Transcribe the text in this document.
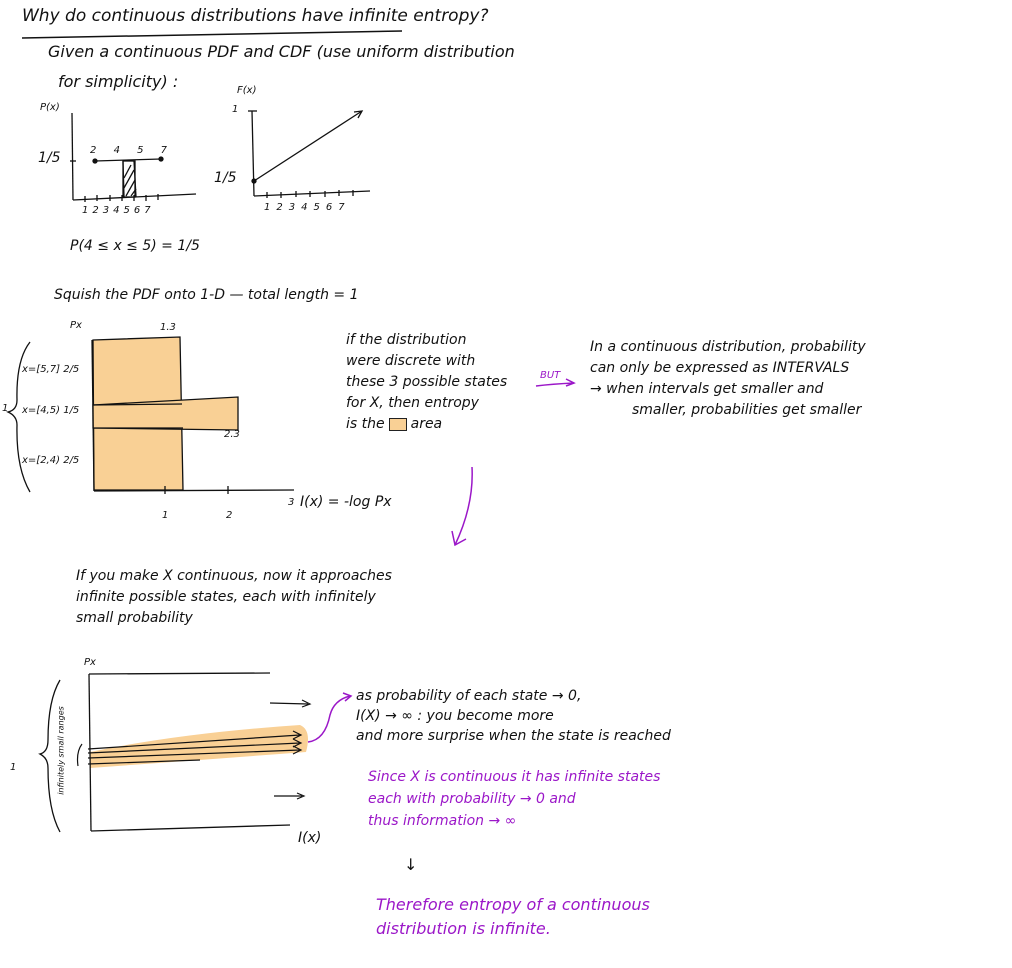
Why do continuous distributions have infinite entropy?
Given a continuous PDF and CDF (use uniform distribution
for simplicity) :
P(x)
1/5	2 4 5 7
1234567
P(4 ≤ x ≤ 5) = 1/5
F(x)
1
1/5
1234567
Squish the PDF onto 1-D — total length = 1
Px	1.3
2.3
1
x=[5,7] 2/5
x=[4,5) 1/5
x=[2,4) 2/5
1	2
3 I(x) = -log Px
if the distribution
were discrete with
these 3 possible states
for X, then entropy
is the area
BUT
In a continuous distribution, probability
can only be expressed as INTERVALS
→ when intervals get smaller and
smaller, probabilities get smaller
If you make X continuous, now it approaches
infinite possible states, each with infinitely
small probability
Px
1	infinitely small ranges
I(x)
as probability of each state → 0,
I(X) → ∞ : you become more
and more surprise when the state is reached
Since X is continuous it has infinite states
each with probability → 0 and
thus information → ∞
↓
Therefore entropy of a continuous
distribution is infinite.
